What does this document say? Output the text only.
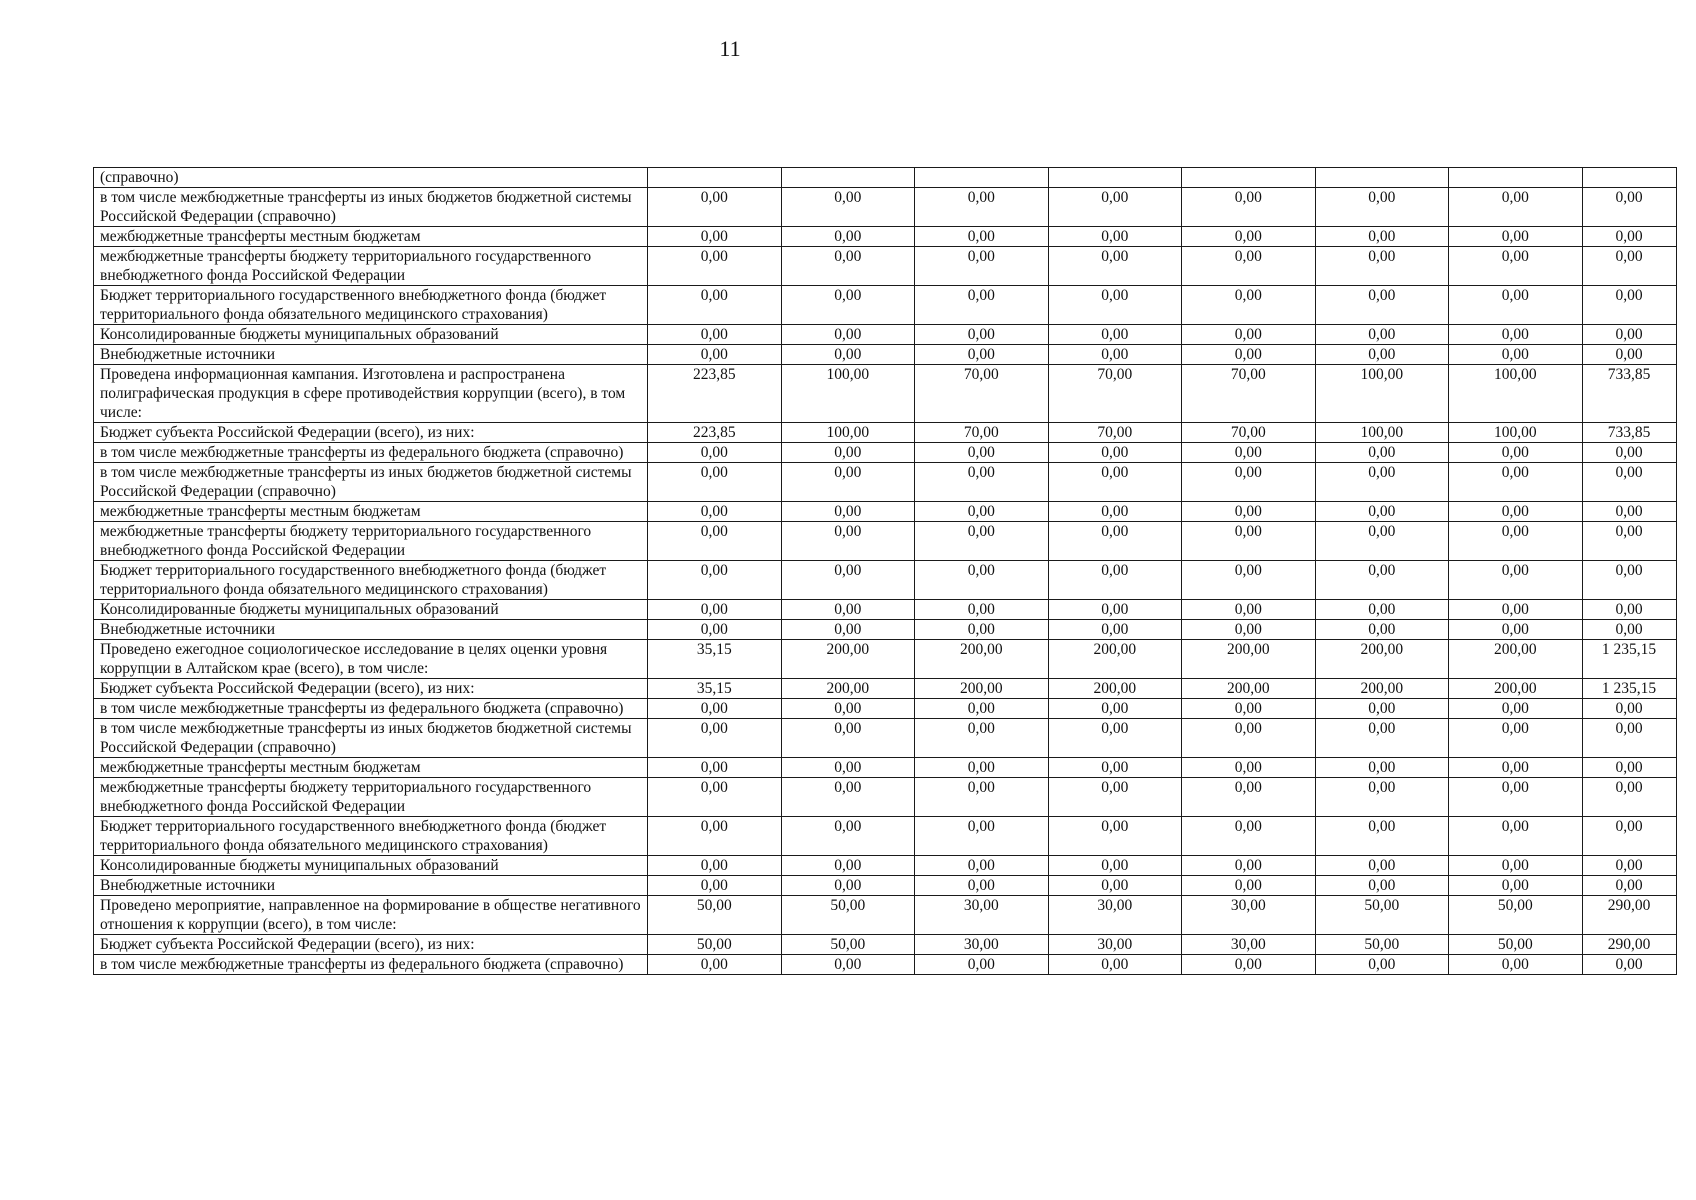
11
(справочно)								
в том числе межбюджетные трансферты из иных бюджетов бюджетной системы Российской Федерации (справочно)	0,00	0,00	0,00	0,00	0,00	0,00	0,00	0,00
межбюджетные трансферты местным бюджетам	0,00	0,00	0,00	0,00	0,00	0,00	0,00	0,00
межбюджетные трансферты бюджету территориального государственного внебюджетного фонда Российской Федерации	0,00	0,00	0,00	0,00	0,00	0,00	0,00	0,00
Бюджет территориального государственного внебюджетного фонда (бюджет территориального фонда обязательного медицинского страхования)	0,00	0,00	0,00	0,00	0,00	0,00	0,00	0,00
Консолидированные бюджеты муниципальных образований	0,00	0,00	0,00	0,00	0,00	0,00	0,00	0,00
Внебюджетные источники	0,00	0,00	0,00	0,00	0,00	0,00	0,00	0,00
Проведена информационная кампания. Изготовлена и распространена полиграфическая продукция в сфере противодействия коррупции (всего), в том числе:	223,85	100,00	70,00	70,00	70,00	100,00	100,00	733,85
Бюджет субъекта Российской Федерации (всего), из них:	223,85	100,00	70,00	70,00	70,00	100,00	100,00	733,85
в том числе межбюджетные трансферты из федерального бюджета (справочно)	0,00	0,00	0,00	0,00	0,00	0,00	0,00	0,00
в том числе межбюджетные трансферты из иных бюджетов бюджетной системы Российской Федерации (справочно)	0,00	0,00	0,00	0,00	0,00	0,00	0,00	0,00
межбюджетные трансферты местным бюджетам	0,00	0,00	0,00	0,00	0,00	0,00	0,00	0,00
межбюджетные трансферты бюджету территориального государственного внебюджетного фонда Российской Федерации	0,00	0,00	0,00	0,00	0,00	0,00	0,00	0,00
Бюджет территориального государственного внебюджетного фонда (бюджет территориального фонда обязательного медицинского страхования)	0,00	0,00	0,00	0,00	0,00	0,00	0,00	0,00
Консолидированные бюджеты муниципальных образований	0,00	0,00	0,00	0,00	0,00	0,00	0,00	0,00
Внебюджетные источники	0,00	0,00	0,00	0,00	0,00	0,00	0,00	0,00
Проведено ежегодное социологическое исследование в целях оценки уровня коррупции в Алтайском крае (всего), в том числе:	35,15	200,00	200,00	200,00	200,00	200,00	200,00	1 235,15
Бюджет субъекта Российской Федерации (всего), из них:	35,15	200,00	200,00	200,00	200,00	200,00	200,00	1 235,15
в том числе межбюджетные трансферты из федерального бюджета (справочно)	0,00	0,00	0,00	0,00	0,00	0,00	0,00	0,00
в том числе межбюджетные трансферты из иных бюджетов бюджетной системы Российской Федерации (справочно)	0,00	0,00	0,00	0,00	0,00	0,00	0,00	0,00
межбюджетные трансферты местным бюджетам	0,00	0,00	0,00	0,00	0,00	0,00	0,00	0,00
межбюджетные трансферты бюджету территориального государственного внебюджетного фонда Российской Федерации	0,00	0,00	0,00	0,00	0,00	0,00	0,00	0,00
Бюджет территориального государственного внебюджетного фонда (бюджет территориального фонда обязательного медицинского страхования)	0,00	0,00	0,00	0,00	0,00	0,00	0,00	0,00
Консолидированные бюджеты муниципальных образований	0,00	0,00	0,00	0,00	0,00	0,00	0,00	0,00
Внебюджетные источники	0,00	0,00	0,00	0,00	0,00	0,00	0,00	0,00
Проведено мероприятие, направленное на формирование в обществе негативного отношения к коррупции (всего), в том числе:	50,00	50,00	30,00	30,00	30,00	50,00	50,00	290,00
Бюджет субъекта Российской Федерации (всего), из них:	50,00	50,00	30,00	30,00	30,00	50,00	50,00	290,00
в том числе межбюджетные трансферты из федерального бюджета (справочно)	0,00	0,00	0,00	0,00	0,00	0,00	0,00	0,00
